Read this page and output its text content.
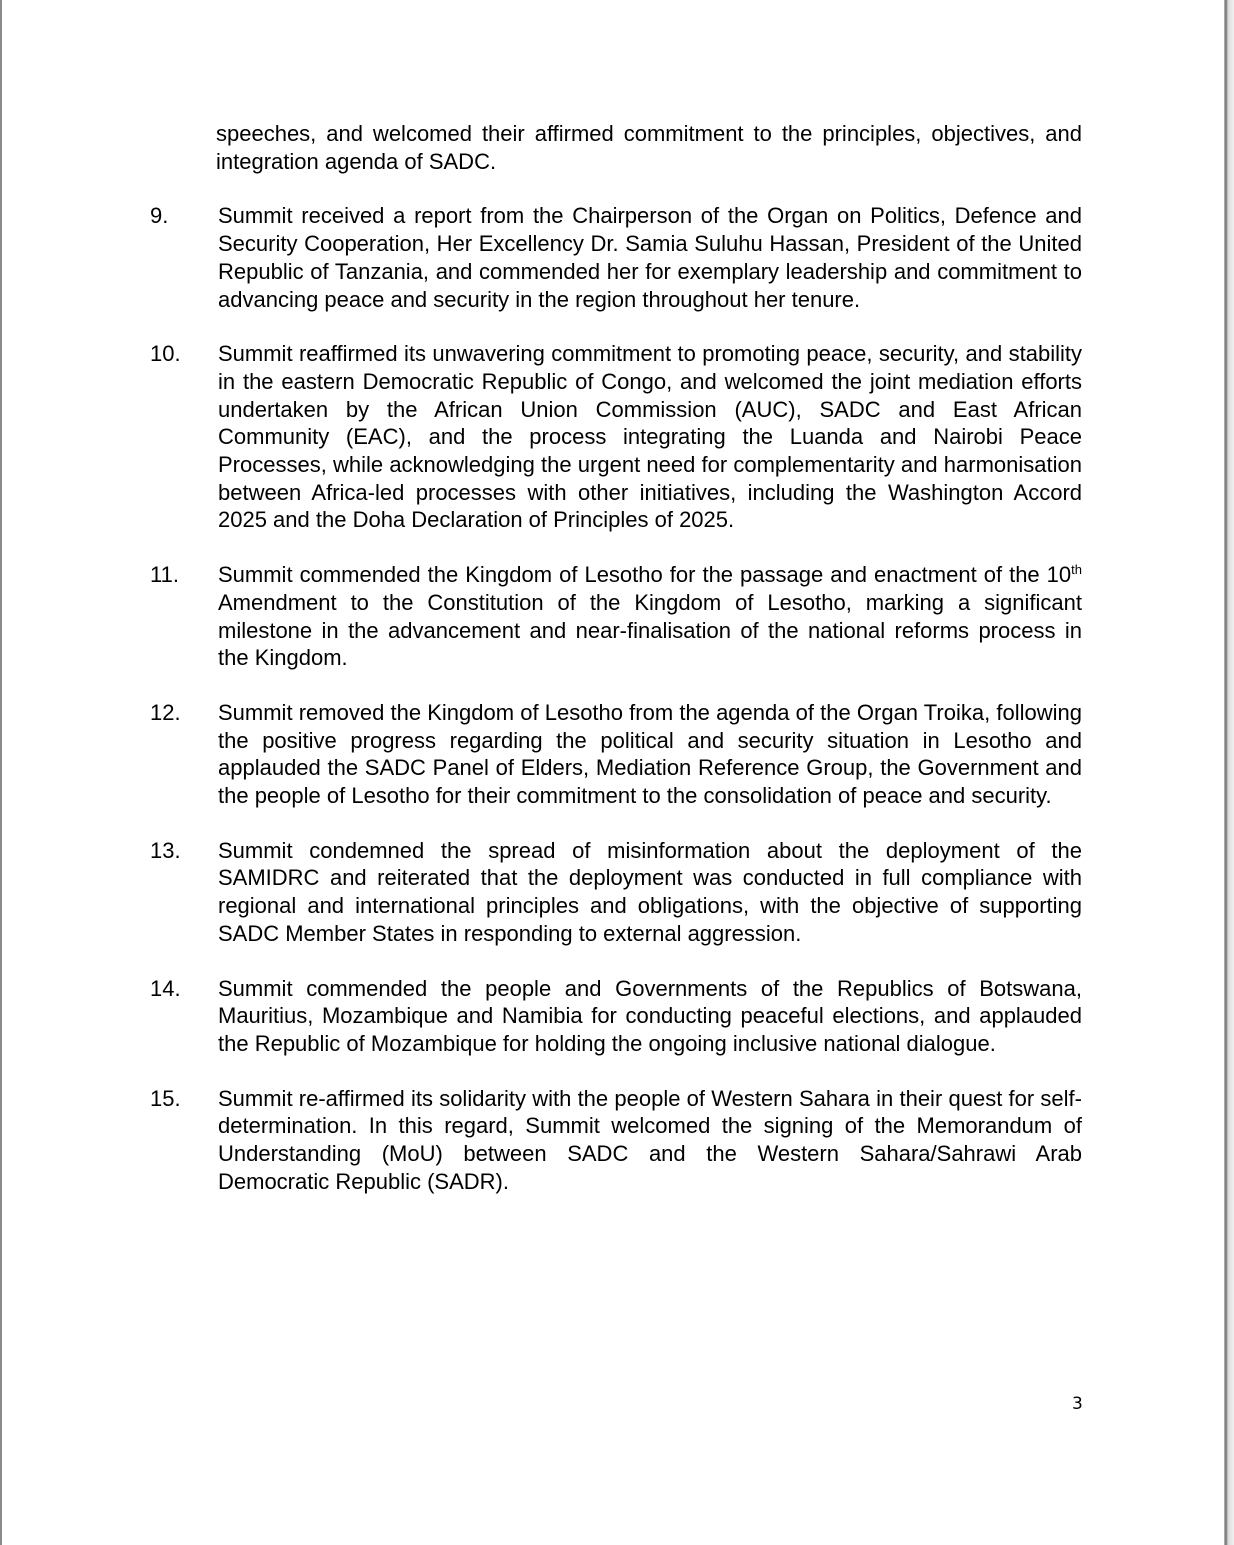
speeches, and welcomed their affirmed commitment to the principles, objectives, and integration agenda of SADC.
9.	Summit received a report from the Chairperson of the Organ on Politics, Defence and Security Cooperation, Her Excellency Dr. Samia Suluhu Hassan, President of the United Republic of Tanzania, and commended her for exemplary leadership and commitment to advancing peace and security in the region throughout her tenure.
10.	Summit reaffirmed its unwavering commitment to promoting peace, security, and stability in the eastern Democratic Republic of Congo, and welcomed the joint mediation efforts undertaken by the African Union Commission (AUC), SADC and East African Community (EAC), and the process integrating the Luanda and Nairobi Peace Processes, while acknowledging the urgent need for complementarity and harmonisation between Africa-led processes with other initiatives, including the Washington Accord 2025 and the Doha Declaration of Principles of 2025.
11.	Summit commended the Kingdom of Lesotho for the passage and enactment of the 10th Amendment to the Constitution of the Kingdom of Lesotho, marking a significant milestone in the advancement and near-finalisation of the national reforms process in the Kingdom.
12.	Summit removed the Kingdom of Lesotho from the agenda of the Organ Troika, following the positive progress regarding the political and security situation in Lesotho and applauded the SADC Panel of Elders, Mediation Reference Group, the Government and the people of Lesotho for their commitment to the consolidation of peace and security.
13.	Summit condemned the spread of misinformation about the deployment of the SAMIDRC and reiterated that the deployment was conducted in full compliance with regional and international principles and obligations, with the objective of supporting SADC Member States in responding to external aggression.
14.	Summit commended the people and Governments of the Republics of Botswana, Mauritius, Mozambique and Namibia for conducting peaceful elections, and applauded the Republic of Mozambique for holding the ongoing inclusive national dialogue.
15.	Summit re-affirmed its solidarity with the people of Western Sahara in their quest for self-determination. In this regard, Summit welcomed the signing of the Memorandum of Understanding (MoU) between SADC and the Western Sahara/Sahrawi Arab Democratic Republic (SADR).
3
